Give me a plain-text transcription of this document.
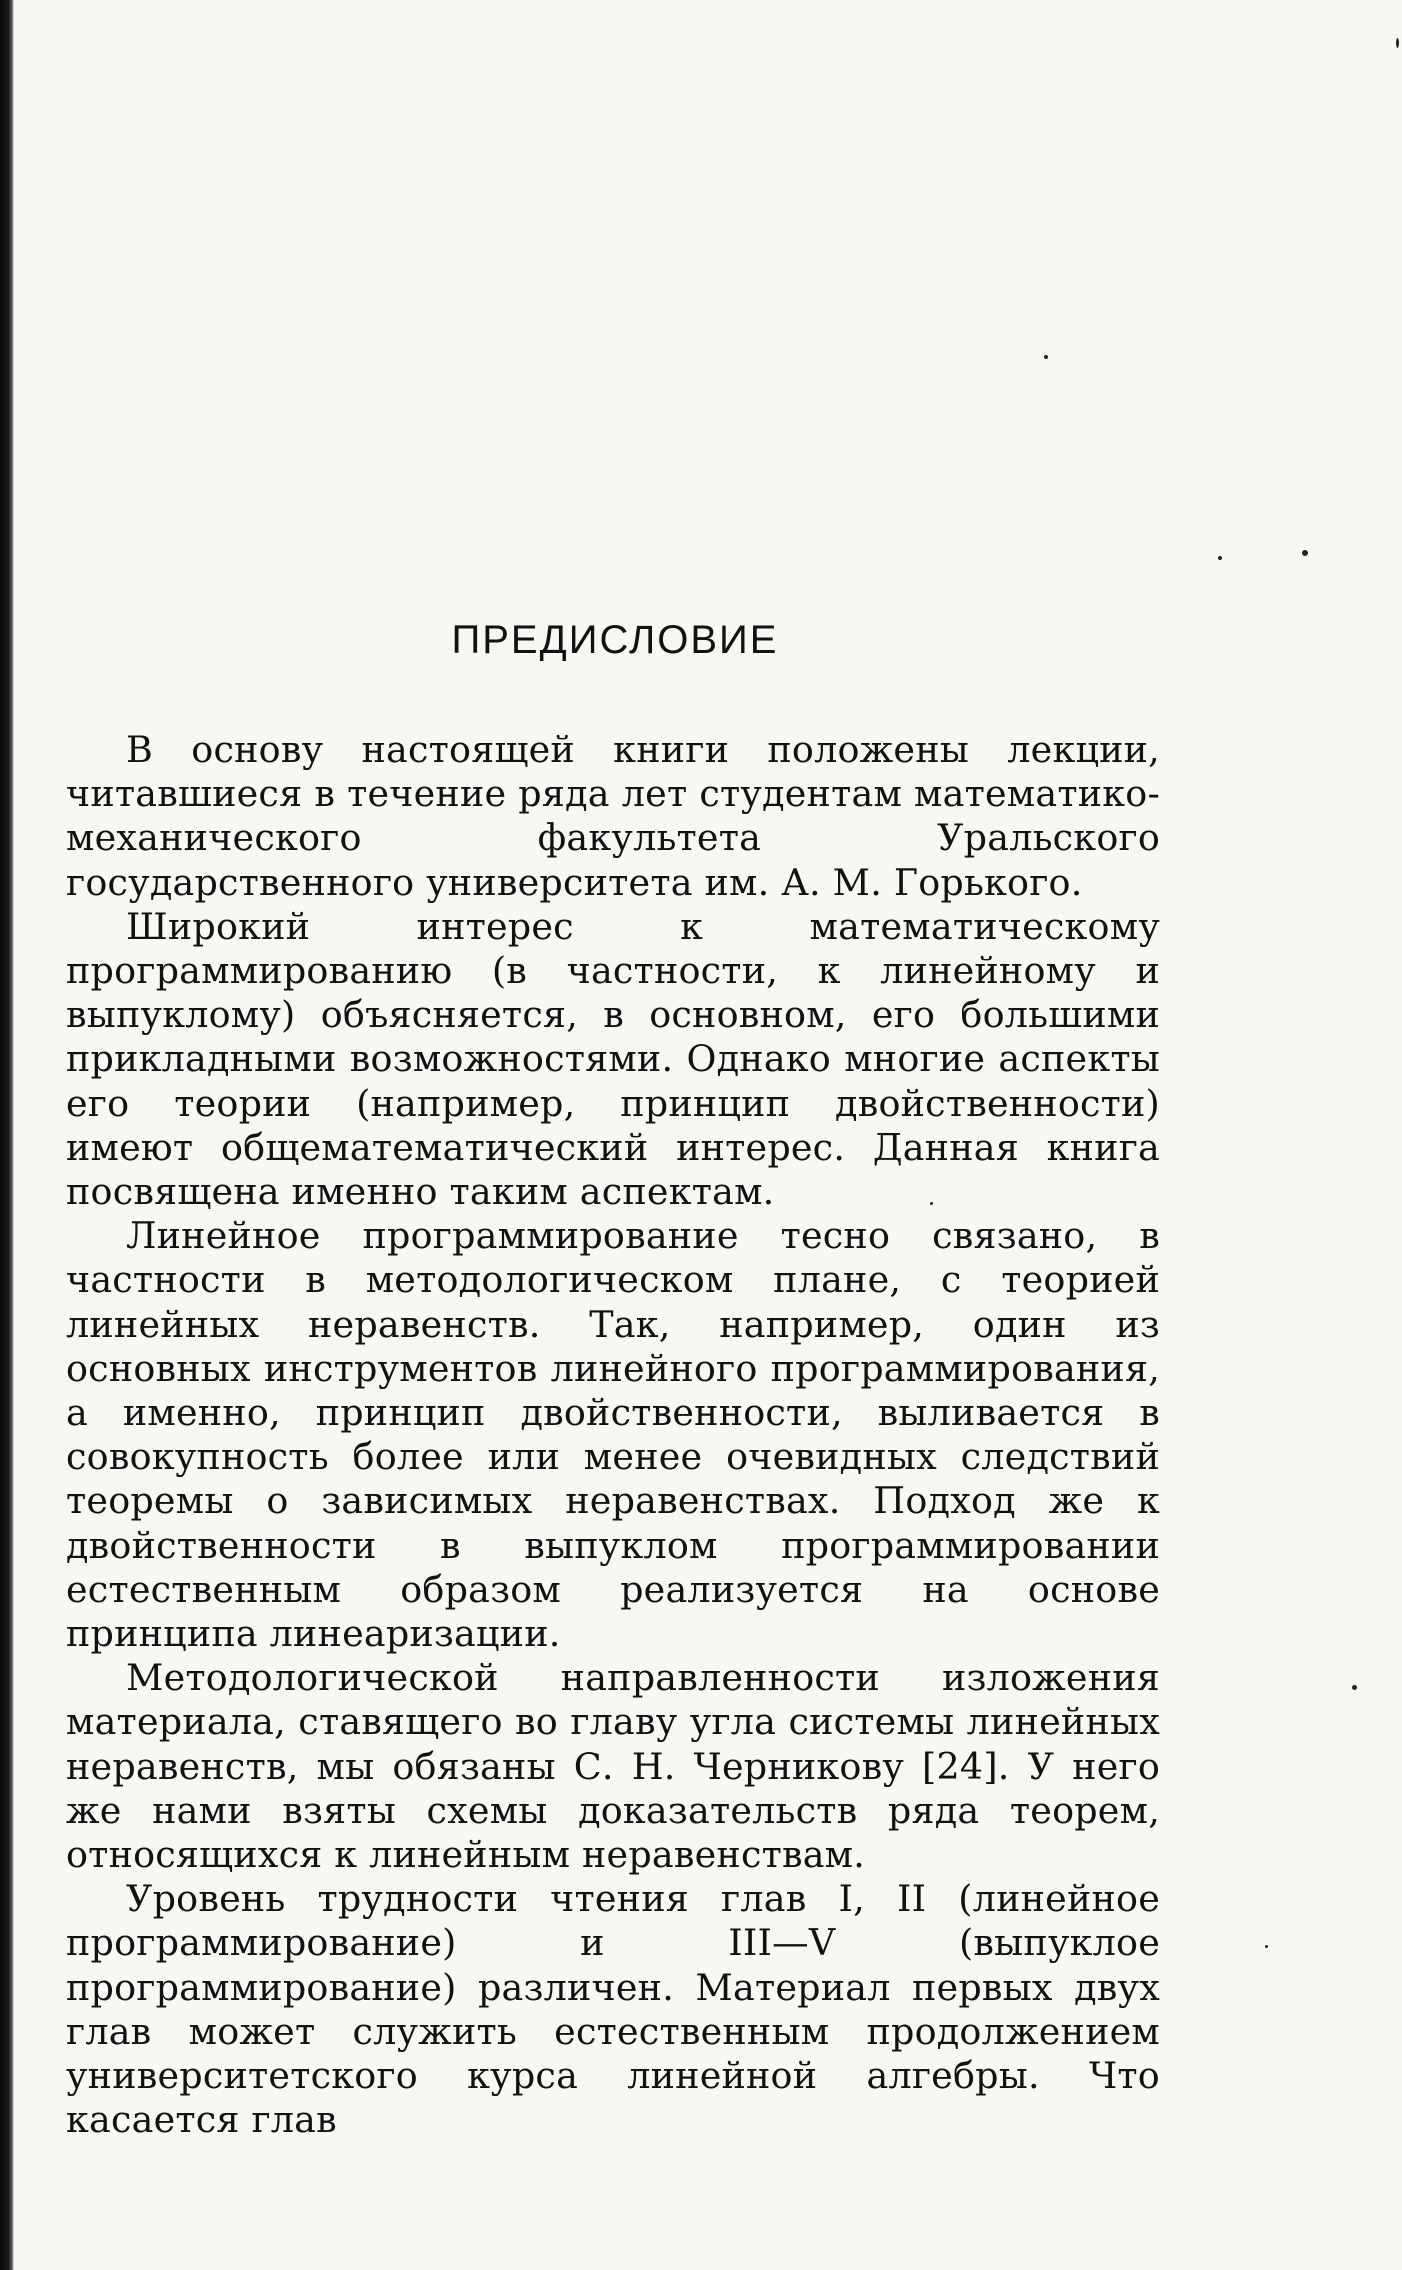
ПРЕДИСЛОВИЕ

В основу настоящей книги положены лекции, читавшиеся в течение ряда лет студентам математико-механического факультета Уральского государственного университета им. А. М. Горького.

Широкий интерес к математическому программированию (в частности, к линейному и выпуклому) объясняется, в основном, его большими прикладными возможностями. Однако многие аспекты его теории (например, принцип двойственности) имеют общематематический интерес. Данная книга посвящена именно таким аспектам.

Линейное программирование тесно связано, в частности в методологическом плане, с теорией линейных неравенств. Так, например, один из основных инструментов линейного программирования, а именно, принцип двойственности, выливается в совокупность более или менее очевидных следствий теоремы о зависимых неравенствах. Подход же к двойственности в выпуклом программировании естественным образом реализуется на основе принципа линеаризации.

Методологической направленности изложения материала, ставящего во главу угла системы линейных неравенств, мы обязаны С. Н. Черникову [24]. У него же нами взяты схемы доказательств ряда теорем, относящихся к линейным неравенствам.

Уровень трудности чтения глав I, II (линейное программирование) и III—V (выпуклое программирование) различен. Материал первых двух глав может служить естественным продолжением университетского курса линейной алгебры. Что касается глав
